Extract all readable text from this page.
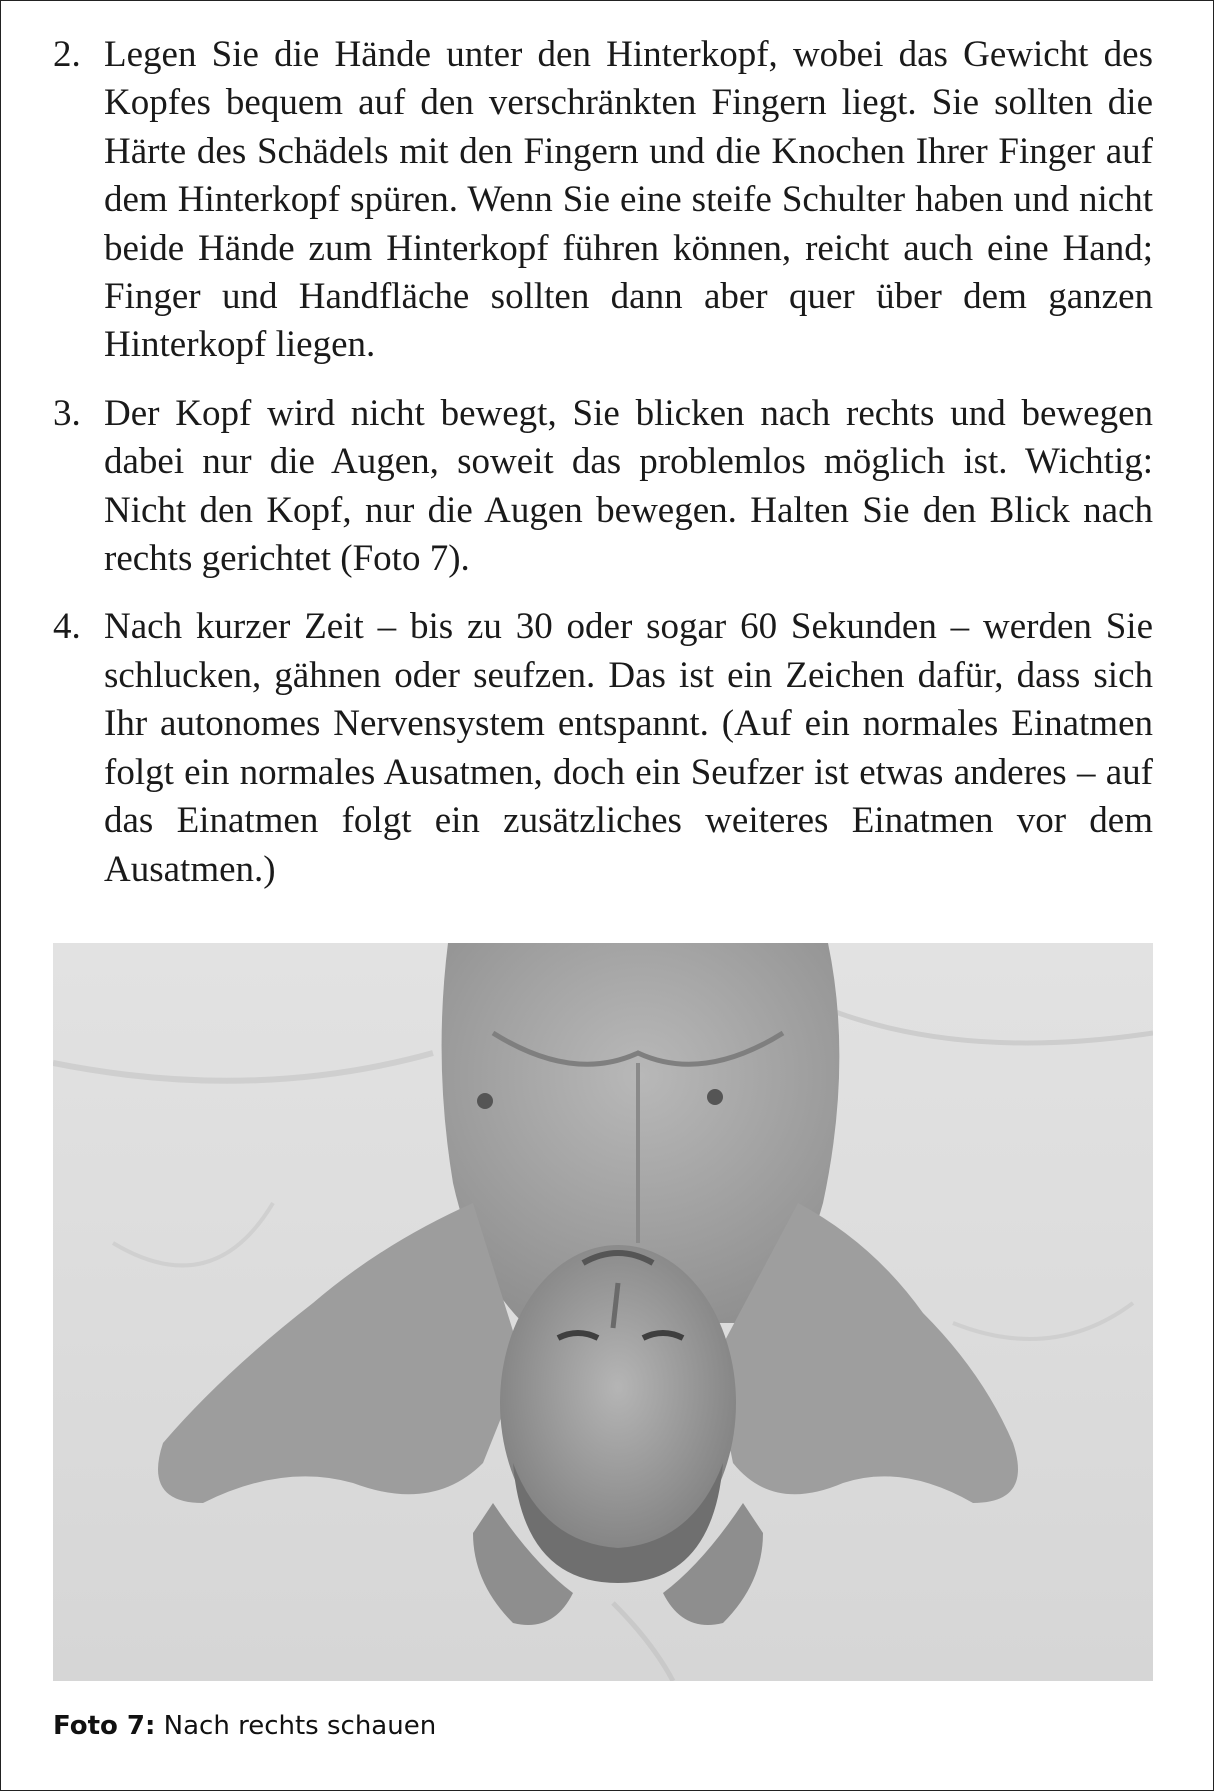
2. Legen Sie die Hände unter den Hinterkopf, wobei das Gewicht des Kopfes bequem auf den verschränkten Fingern liegt. Sie sollten die Härte des Schädels mit den Fingern und die Knochen Ihrer Finger auf dem Hinterkopf spüren. Wenn Sie eine steife Schulter haben und nicht beide Hände zum Hinterkopf führen können, reicht auch eine Hand; Finger und Handfläche sollten dann aber quer über dem ganzen Hinterkopf liegen.
3. Der Kopf wird nicht bewegt, Sie blicken nach rechts und bewegen dabei nur die Augen, soweit das problemlos möglich ist. Wichtig: Nicht den Kopf, nur die Augen bewegen. Halten Sie den Blick nach rechts gerichtet (Foto 7).
4. Nach kurzer Zeit – bis zu 30 oder sogar 60 Sekunden – werden Sie schlucken, gähnen oder seufzen. Das ist ein Zeichen dafür, dass sich Ihr autonomes Nervensystem entspannt. (Auf ein normales Einatmen folgt ein normales Ausatmen, doch ein Seufzer ist etwas anderes – auf das Einatmen folgt ein zusätzliches weiteres Einatmen vor dem Ausatmen.)
Foto 7: Nach rechts schauen
